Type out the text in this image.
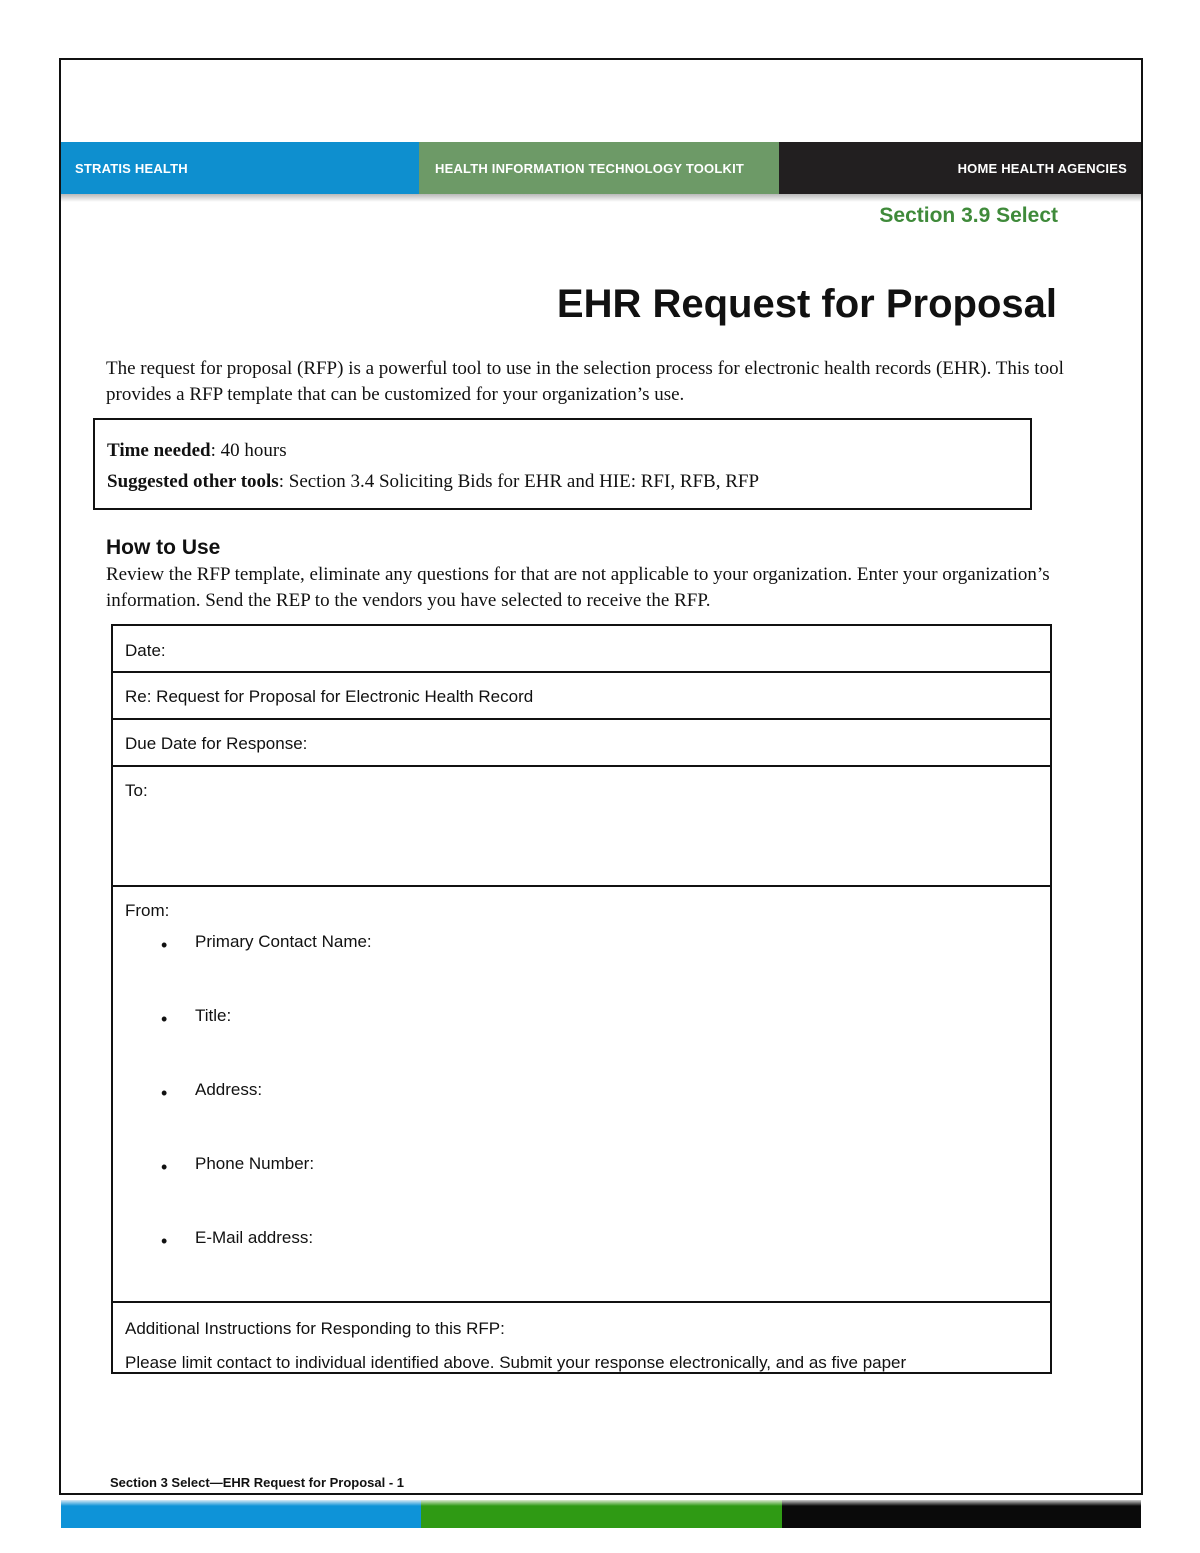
STRATIS HEALTH	HEALTH INFORMATION TECHNOLOGY TOOLKIT	HOME HEALTH AGENCIES
Section 3.9 Select
EHR Request for Proposal
The request for proposal (RFP) is a powerful tool to use in the selection process for electronic health records (EHR). This tool provides a RFP template that can be customized for your organization’s use.

Time needed: 40 hours

Suggested other tools: Section 3.4 Soliciting Bids for EHR and HIE: RFI, RFB, RFP

How to Use
Review the RFP template, eliminate any questions for that are not applicable to your organization. Enter your organization’s information. Send the REP to the vendors you have selected to receive the RFP.
Date:
Re: Request for Proposal for Electronic Health Record
Due Date for Response:
To:
From:
• Primary Contact Name:
• Title:
• Address:
• Phone Number:
• E-Mail address:
Additional Instructions for Responding to this RFP:
Please limit contact to individual identified above. Submit your response electronically, and as five paper
Section 3 Select—EHR Request for Proposal - 1
